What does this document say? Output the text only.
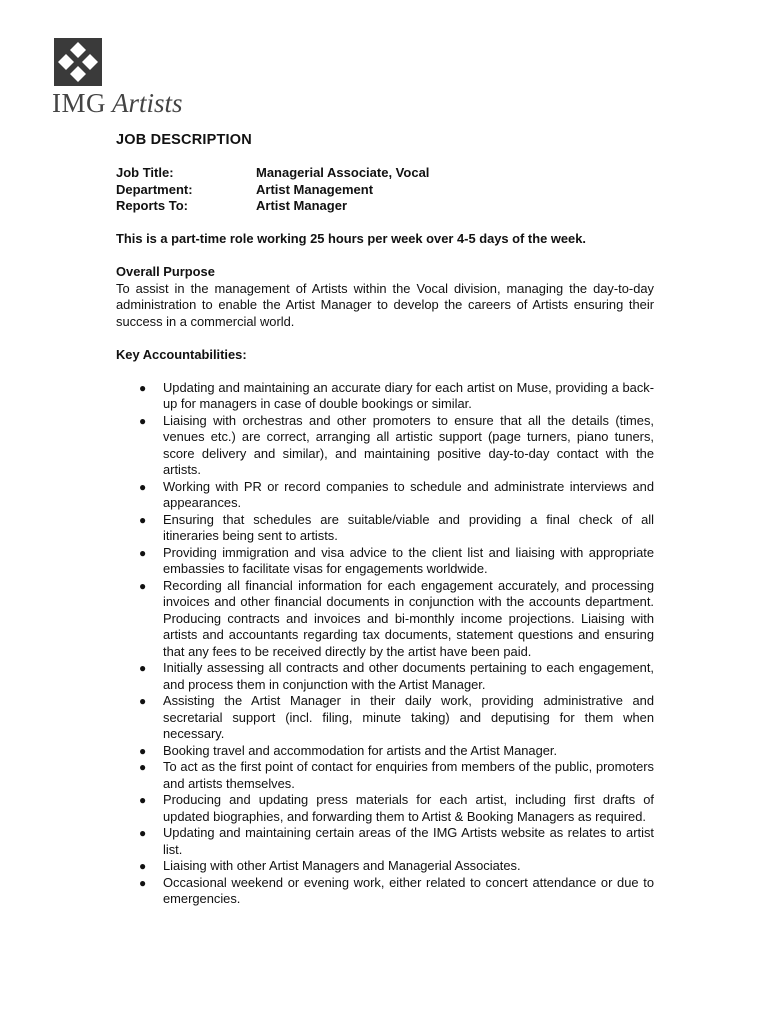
IMG Artists
JOB DESCRIPTION
Job Title:	Managerial Associate, Vocal
Department:	Artist Management
Reports To:	Artist Manager

This is a part-time role working 25 hours per week over 4-5 days of the week.

Overall Purpose

To assist in the management of Artists within the Vocal division, managing the day-to-day administration to enable the Artist Manager to develop the careers of Artists ensuring their success in a commercial world.

Key Accountabilities:
● Updating and maintaining an accurate diary for each artist on Muse, providing a back-up for managers in case of double bookings or similar.
● Liaising with orchestras and other promoters to ensure that all the details (times, venues etc.) are correct, arranging all artistic support (page turners, piano tuners, score delivery and similar), and maintaining positive day-to-day contact with the artists.
● Working with PR or record companies to schedule and administrate interviews and appearances.
● Ensuring that schedules are suitable/viable and providing a final check of all itineraries being sent to artists.
● Providing immigration and visa advice to the client list and liaising with appropriate embassies to facilitate visas for engagements worldwide.
● Recording all financial information for each engagement accurately, and processing invoices and other financial documents in conjunction with the accounts department. Producing contracts and invoices and bi-monthly income projections. Liaising with artists and accountants regarding tax documents, statement questions and ensuring that any fees to be received directly by the artist have been paid.
● Initially assessing all contracts and other documents pertaining to each engagement, and process them in conjunction with the Artist Manager.
● Assisting the Artist Manager in their daily work, providing administrative and secretarial support (incl. filing, minute taking) and deputising for them when necessary.
● Booking travel and accommodation for artists and the Artist Manager.
● To act as the first point of contact for enquiries from members of the public, promoters and artists themselves.
● Producing and updating press materials for each artist, including first drafts of updated biographies, and forwarding them to Artist & Booking Managers as required.
● Updating and maintaining certain areas of the IMG Artists website as relates to artist list.
● Liaising with other Artist Managers and Managerial Associates.
● Occasional weekend or evening work, either related to concert attendance or due to emergencies.
